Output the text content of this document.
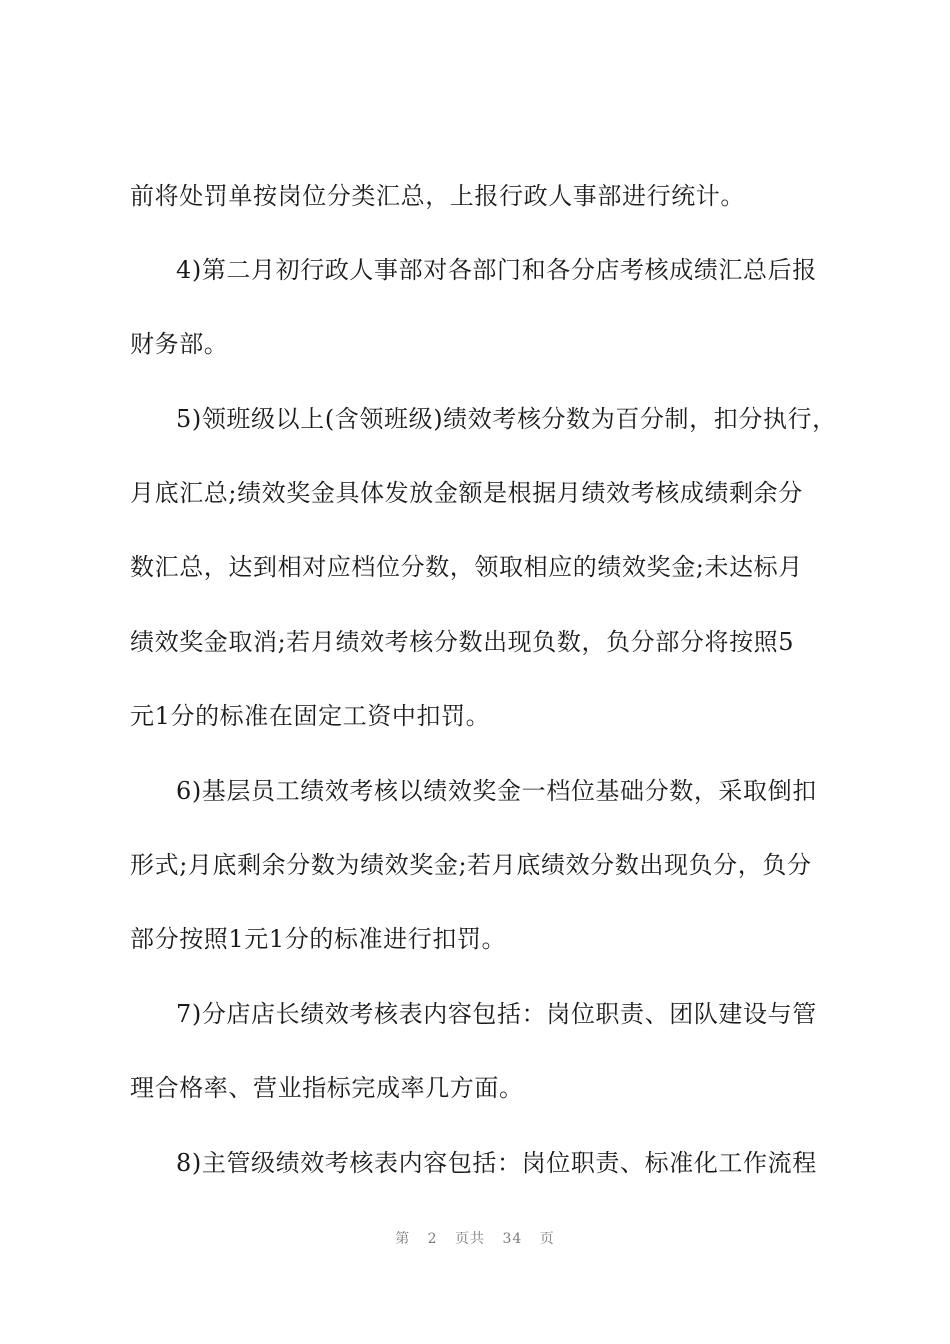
前将处罚单按岗位分类汇总，上报行政人事部进行统计。
4)第二月初行政人事部对各部门和各分店考核成绩汇总后报
财务部。
5)领班级以上(含领班级)绩效考核分数为百分制，扣分执行，
月底汇总;绩效奖金具体发放金额是根据月绩效考核成绩剩余分
数汇总，达到相对应档位分数，领取相应的绩效奖金;未达标月
绩效奖金取消;若月绩效考核分数出现负数，负分部分将按照5
元1分的标准在固定工资中扣罚。
6)基层员工绩效考核以绩效奖金一档位基础分数，采取倒扣
形式;月底剩余分数为绩效奖金;若月底绩效分数出现负分，负分
部分按照1元1分的标准进行扣罚。
7)分店店长绩效考核表内容包括：岗位职责、团队建设与管
理合格率、营业指标完成率几方面。
8)主管级绩效考核表内容包括：岗位职责、标准化工作流程
第 2 页共 34 页
